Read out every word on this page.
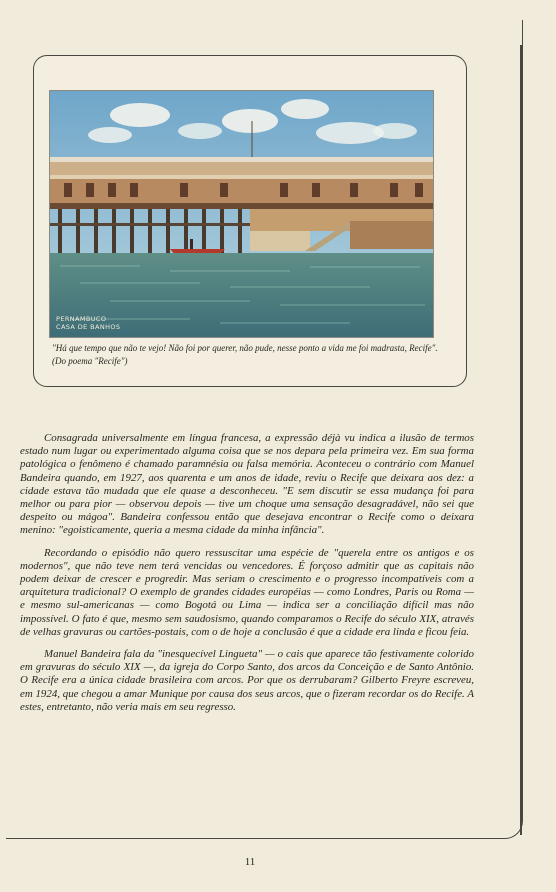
PERNAMBUCO
CASA DE BANHOS

"Há que tempo que não te vejo! Não foi por querer, não pude, nesse ponto a vida me foi madrasta, Recife".

(Do poema "Recife")

Consagrada universalmente em língua francesa, a expressão déjà vu indica a ilusão de termos estado num lugar ou experimentado alguma coisa que se nos depara pela primeira vez. Em sua forma patológica o fenômeno é chamado paramnésia ou falsa memória. Aconteceu o contrário com Manuel Bandeira quando, em 1927, aos quarenta e um anos de idade, reviu o Recife que deixara aos dez: a cidade estava tão mudada que ele quase a desconheceu. "E sem discutir se essa mudança foi para melhor ou para pior — observou depois — tive um choque uma sensação desagradável, não sei que despeito ou mágoa". Bandeira confessou então que desejava encontrar o Recife como o deixara menino: "egoisticamente, queria a mesma cidade da minha infância".

Recordando o episódio não quero ressuscitar uma espécie de "querela entre os antigos e os modernos", que não teve nem terá vencidas ou vencedores. É forçoso admitir que as capitais não podem deixar de crescer e progredir. Mas seriam o crescimento e o progresso incompatíveis com a arquitetura tradicional? O exemplo de grandes cidades européias — como Londres, Paris ou Roma — e mesmo sul-americanas — como Bogotá ou Lima — indica ser a conciliação difícil mas não impossível. O fato é que, mesmo sem saudosismo, quando comparamos o Recife do século XIX, através de velhas gravuras ou cartões-postais, com o de hoje a conclusão é que a cidade era linda e ficou feia.

Manuel Bandeira fala da "inesquecível Lingueta" — o cais que aparece tão festivamente colorido em gravuras do século XIX —, da igreja do Corpo Santo, dos arcos da Conceição e de Santo Antônio. O Recife era a única cidade brasileira com arcos. Por que os derrubaram? Gilberto Freyre escreveu, em 1924, que chegou a amar Munique por causa dos seus arcos, que o fizeram recordar os do Recife. A estes, entretanto, não veria mais em seu regresso.

11
